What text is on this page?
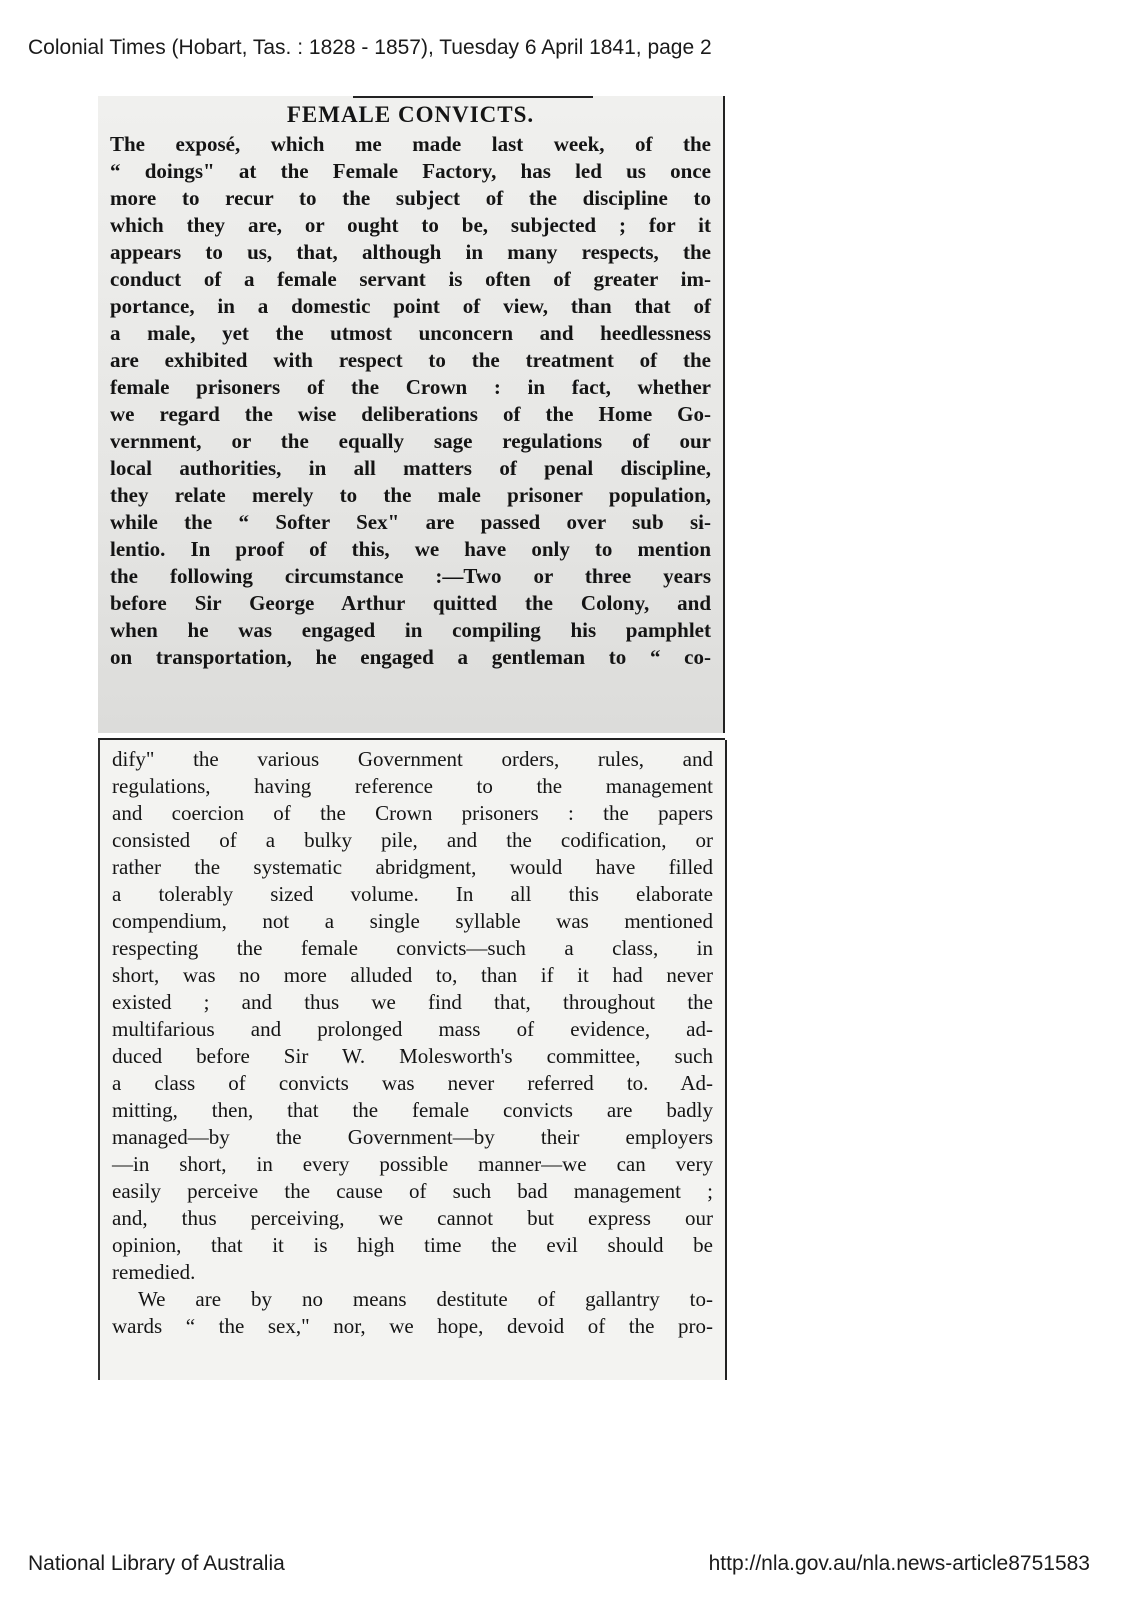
Colonial Times (Hobart, Tas. : 1828 - 1857), Tuesday 6 April 1841, page 2
FEMALE CONVICTS.
The exposé, which me made last week, of the
“ doings" at the Female Factory, has led us once
more to recur to the subject of the discipline to
which they are, or ought to be, subjected ; for it
appears to us, that, although in many respects, the
conduct of a female servant is often of greater im-
portance, in a domestic point of view, than that of
a male, yet the utmost unconcern and heedlessness
are exhibited with respect to the treatment of the
female prisoners of the Crown : in fact, whether
we regard the wise deliberations of the Home Go-
vernment, or the equally sage regulations of our
local authorities, in all matters of penal discipline,
they relate merely to the male prisoner population,
while the “ Softer Sex" are passed over sub si-
lentio. In proof of this, we have only to mention
the following circumstance :—Two or three years
before Sir George Arthur quitted the Colony, and
when he was engaged in compiling his pamphlet
on transportation, he engaged a gentleman to “ co-
dify" the various Government orders, rules, and
regulations, having reference to the management
and coercion of the Crown prisoners : the papers
consisted of a bulky pile, and the codification, or
rather the systematic abridgment, would have filled
a tolerably sized volume. In all this elaborate
compendium, not a single syllable was mentioned
respecting the female convicts—such a class, in
short, was no more alluded to, than if it had never
existed ; and thus we find that, throughout the
multifarious and prolonged mass of evidence, ad-
duced before Sir W. Molesworth's committee, such
a class of convicts was never referred to. Ad-
mitting, then, that the female convicts are badly
managed—by the Government—by their employers
—in short, in every possible manner—we can very
easily perceive the cause of such bad management ;
and, thus perceiving, we cannot but express our
opinion, that it is high time the evil should be
remedied.
We are by no means destitute of gallantry to-
wards “ the sex," nor, we hope, devoid of the pro-
National Library of Australia	http://nla.gov.au/nla.news-article8751583
